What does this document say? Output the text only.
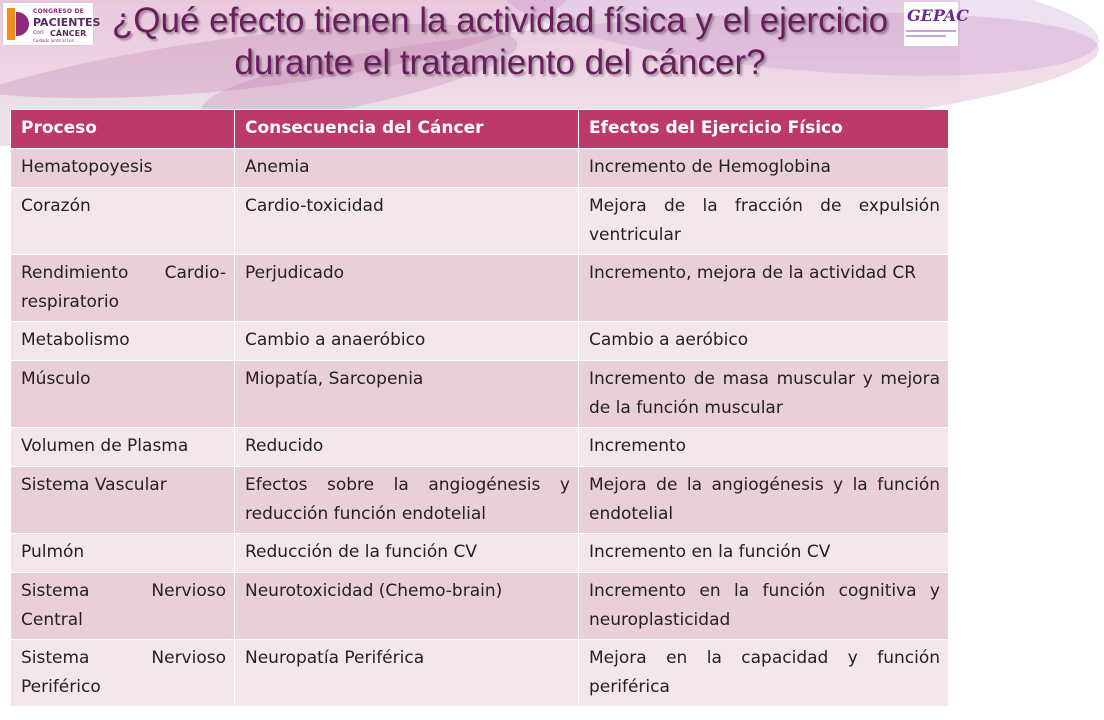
CONGRESO DE
PACIENTES
con CÁNCER
Cuidado junto al Los
¿Qué efecto tienen la actividad física y el ejercicio durante el tratamiento del cáncer?
GEPAC
Proceso	Consecuencia del Cáncer	Efectos del Ejercicio Físico
Hematopoyesis	Anemia	Incremento de Hemoglobina
Corazón	Cardio-toxicidad	Mejora de la fracción de expulsión ventricular
Rendimiento Cardio-respiratorio	Perjudicado	Incremento, mejora de la actividad CR
Metabolismo	Cambio a anaeróbico	Cambio a aeróbico
Músculo	Miopatía, Sarcopenia	Incremento de masa muscular y mejora de la función muscular
Volumen de Plasma	Reducido	Incremento
Sistema Vascular	Efectos sobre la angiogénesis y reducción función endotelial	Mejora de la angiogénesis y la función endotelial
Pulmón	Reducción de la función CV	Incremento en la función CV
Sistema Nervioso Central	Neurotoxicidad (Chemo-brain)	Incremento en la función cognitiva y neuroplasticidad
Sistema Nervioso Periférico	Neuropatía Periférica	Mejora en la capacidad y función periférica
